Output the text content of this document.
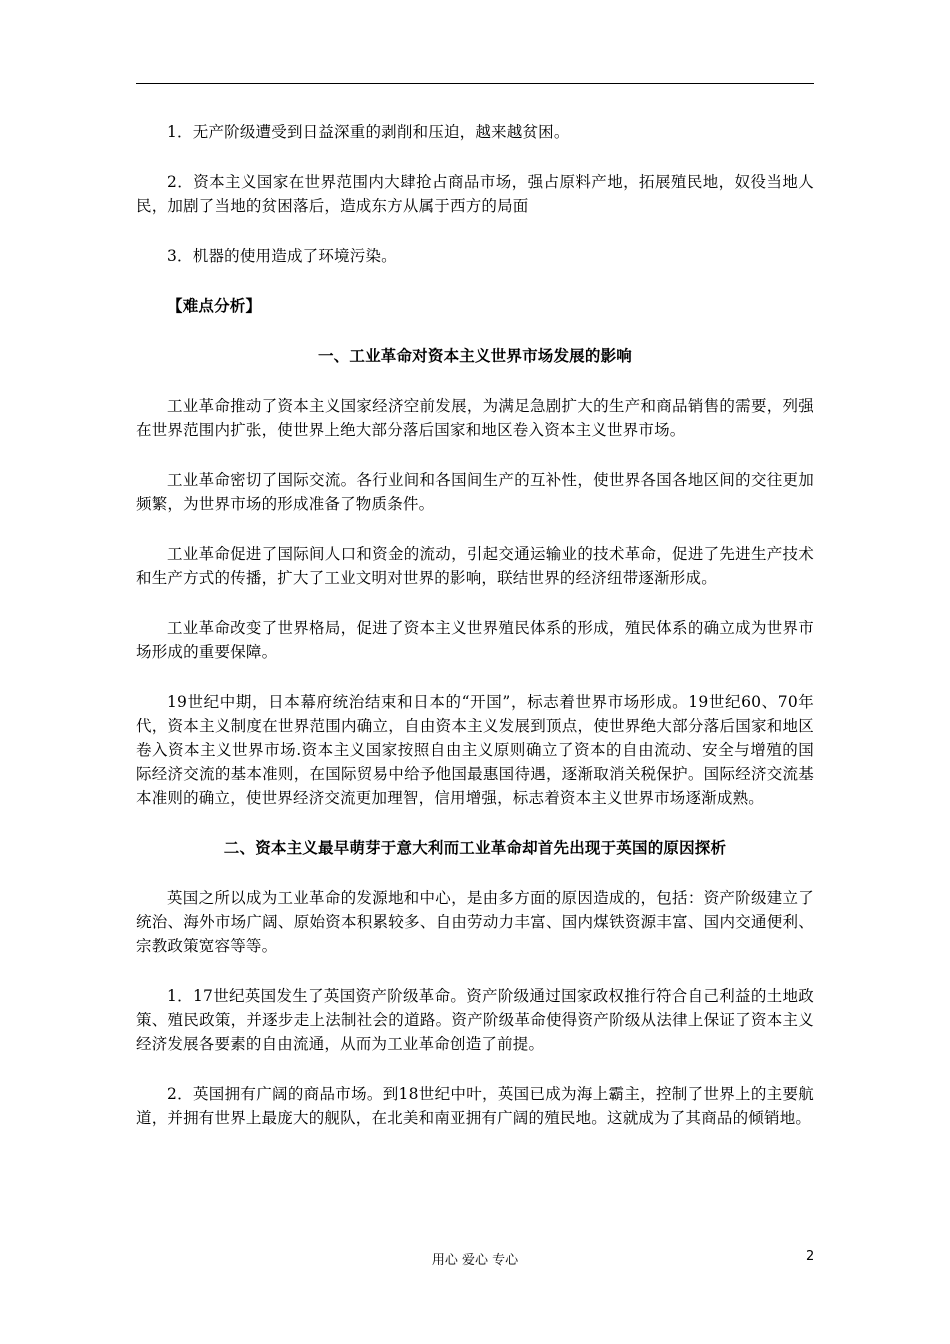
1．无产阶级遭受到日益深重的剥削和压迫，越来越贫困。

2．资本主义国家在世界范围内大肆抢占商品市场，强占原料产地，拓展殖民地，奴役当地人民，加剧了当地的贫困落后，造成东方从属于西方的局面

3．机器的使用造成了环境污染。

【难点分析】

一、工业革命对资本主义世界市场发展的影响

工业革命推动了资本主义国家经济空前发展，为满足急剧扩大的生产和商品销售的需要，列强在世界范围内扩张，使世界上绝大部分落后国家和地区卷入资本主义世界市场。

工业革命密切了国际交流。各行业间和各国间生产的互补性，使世界各国各地区间的交往更加频繁，为世界市场的形成准备了物质条件。

工业革命促进了国际间人口和资金的流动，引起交通运输业的技术革命，促进了先进生产技术和生产方式的传播，扩大了工业文明对世界的影响，联结世界的经济纽带逐渐形成。

工业革命改变了世界格局，促进了资本主义世界殖民体系的形成，殖民体系的确立成为世界市场形成的重要保障。

19世纪中期，日本幕府统治结束和日本的“开国”，标志着世界市场形成。19世纪60、70年代，资本主义制度在世界范围内确立，自由资本主义发展到顶点，使世界绝大部分落后国家和地区卷入资本主义世界市场.资本主义国家按照自由主义原则确立了资本的自由流动、安全与增殖的国际经济交流的基本准则，在国际贸易中给予他国最惠国待遇，逐渐取消关税保护。国际经济交流基本准则的确立，使世界经济交流更加理智，信用增强，标志着资本主义世界市场逐渐成熟。

二、资本主义最早萌芽于意大利而工业革命却首先出现于英国的原因探析

英国之所以成为工业革命的发源地和中心，是由多方面的原因造成的，包括：资产阶级建立了统治、海外市场广阔、原始资本积累较多、自由劳动力丰富、国内煤铁资源丰富、国内交通便利、宗教政策宽容等等。

1．17世纪英国发生了英国资产阶级革命。资产阶级通过国家政权推行符合自己利益的土地政策、殖民政策，并逐步走上法制社会的道路。资产阶级革命使得资产阶级从法律上保证了资本主义经济发展各要素的自由流通，从而为工业革命创造了前提。

2．英国拥有广阔的商品市场。到18世纪中叶，英国已成为海上霸主，控制了世界上的主要航道，并拥有世界上最庞大的舰队，在北美和南亚拥有广阔的殖民地。这就成为了其商品的倾销地。

用心 爱心 专心	2
